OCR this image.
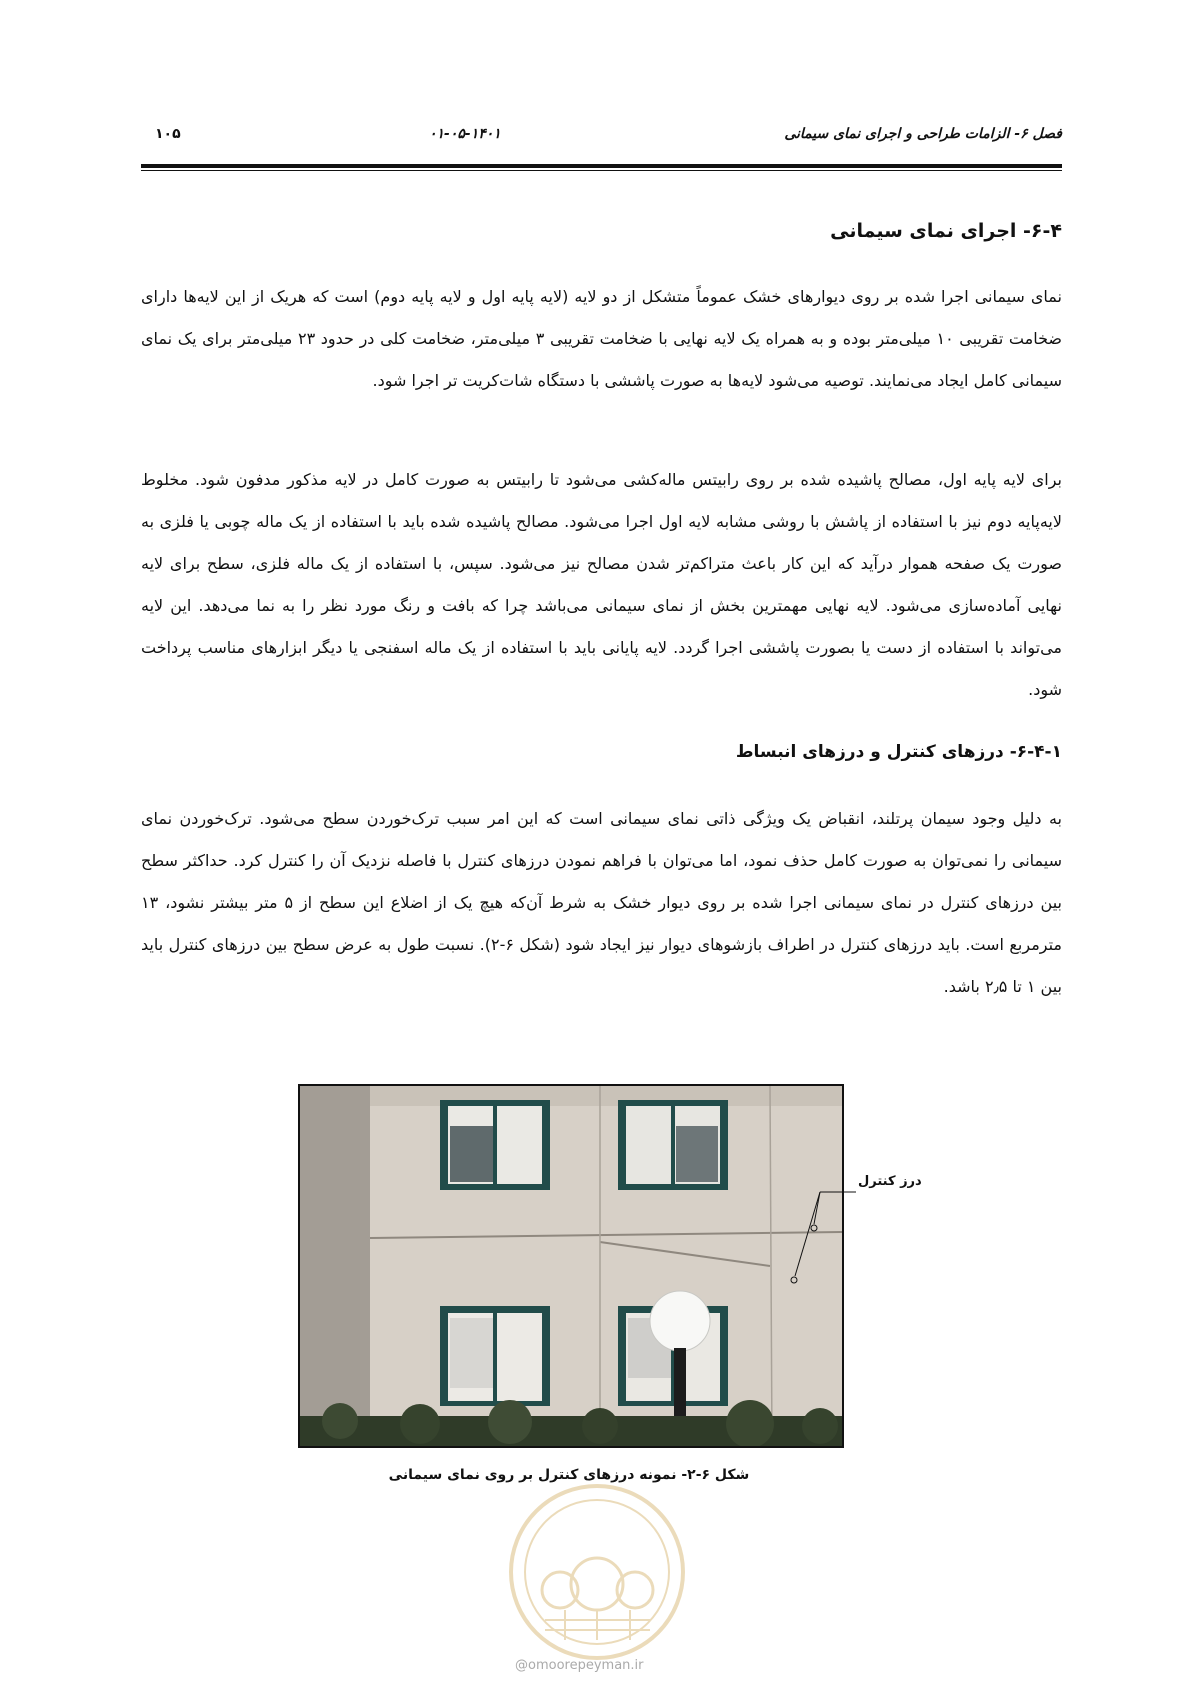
فصل ۶- الزامات طراحی و اجرای نمای سیمانی
۰۱-۰۵-۱۴۰۱
۱۰۵
۶-۴- اجرای نمای سیمانی

نمای سیمانی اجرا شده بر روی دیوارهای خشک عموماً متشکل از دو لایه (لایه پایه اول و لایه پایه دوم) است که هریک از این لایه‌ها دارای ضخامت تقریبی ۱۰ میلی‌متر بوده و به همراه یک لایه نهایی با ضخامت تقریبی ۳ میلی‌متر، ضخامت کلی در حدود ۲۳ میلی‌متر برای یک نمای سیمانی کامل ایجاد می‌نمایند. توصیه می‌شود لایه‌ها به صورت پاششی با دستگاه شات‌کریت تر اجرا شود.

برای لایه پایه اول، مصالح پاشیده شده بر روی رابیتس ماله‌کشی می‌شود تا رابیتس به صورت کامل در لایه مذکور مدفون شود. مخلوط لایه‌پایه دوم نیز با استفاده از پاشش با روشی مشابه لایه اول اجرا می‌شود. مصالح پاشیده شده باید با استفاده از یک ماله چوبی یا فلزی به صورت یک صفحه هموار درآید که این کار باعث متراکم‌تر شدن مصالح نیز می‌شود. سپس، با استفاده از یک ماله فلزی، سطح برای لایه نهایی آماده‌سازی می‌شود. لایه نهایی مهمترین بخش از نمای سیمانی می‌باشد چرا که بافت و رنگ مورد نظر را به نما می‌دهد. این لایه می‌تواند با استفاده از دست یا بصورت پاششی اجرا گردد. لایه پایانی باید با استفاده از یک ماله اسفنجی یا دیگر ابزارهای مناسب پرداخت شود.

۶-۴-۱- درزهای کنترل و درزهای انبساط

به دلیل وجود سیمان پرتلند، انقباض یک ویژگی ذاتی نمای سیمانی است که این امر سبب ترک‌خوردن سطح می‌شود. ترک‌خوردن نمای سیمانی را نمی‌توان به صورت کامل حذف نمود، اما می‌توان با فراهم نمودن درزهای کنترل با فاصله نزدیک آن را کنترل کرد. حداکثر سطح بین درزهای کنترل در نمای سیمانی اجرا شده بر روی دیوار خشک به شرط آن‌که هیچ یک از اضلاع این سطح از ۵ متر بیشتر نشود، ۱۳ مترمربع است. باید درزهای کنترل در اطراف بازشوهای دیوار نیز ایجاد شود (شکل ۶-۲). نسبت طول به عرض سطح بین درزهای کنترل باید بین ۱ تا ۲٫۵ باشد.

درز کنترل
شکل ۶-۲- نمونه درزهای کنترل بر روی نمای سیمانی
@omoorepeyman.ir
